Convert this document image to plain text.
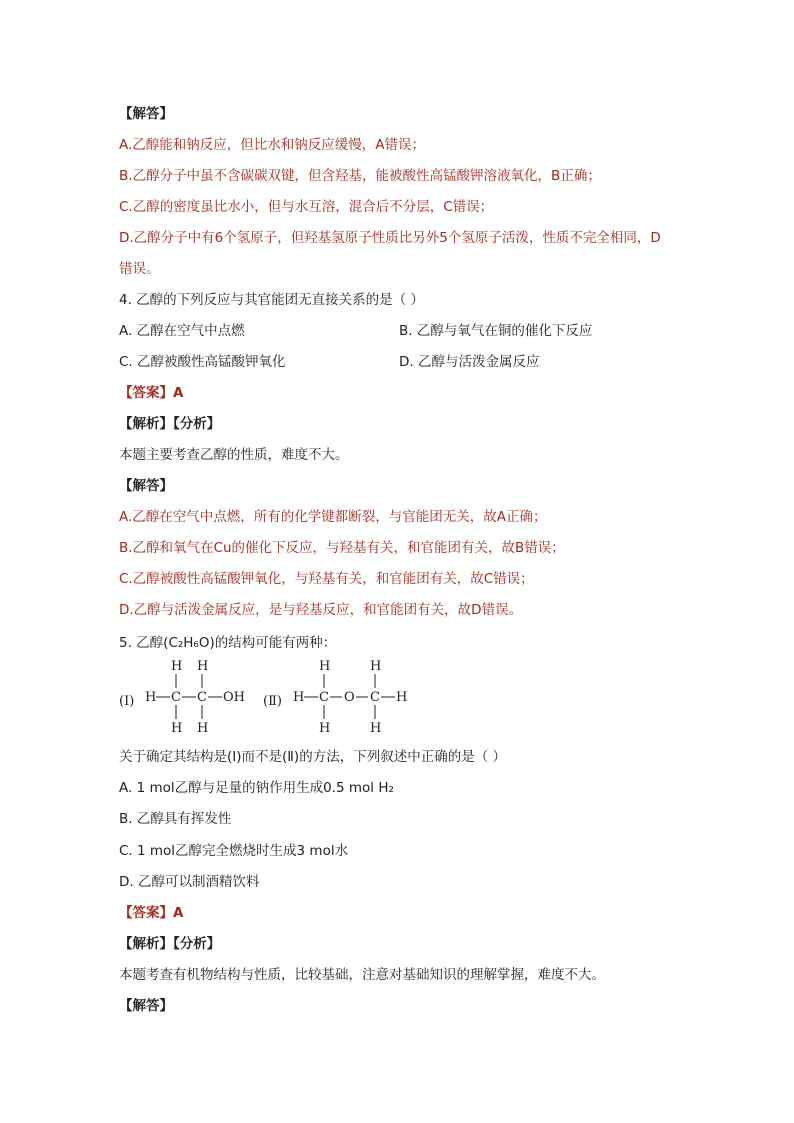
【解答】
A.乙醇能和钠反应，但比水和钠反应缓慢，A错误；
B.乙醇分子中虽不含碳碳双键，但含羟基，能被酸性高锰酸钾溶液氧化，B正确；
C.乙醇的密度虽比水小，但与水互溶，混合后不分层，C错误；
D.乙醇分子中有6个氢原子，但羟基氢原子性质比另外5个氢原子活泼，性质不完全相同，D
错误。
4. 乙醇的下列反应与其官能团无直接关系的是（ ）
A. 乙醇在空气中点燃	B. 乙醇与氧气在铜的催化下反应
C. 乙醇被酸性高锰酸钾氧化	D. 乙醇与活泼金属反应
【答案】A
【解析】【分析】
本题主要考查乙醇的性质，难度不大。
【解答】
A.乙醇在空气中点燃，所有的化学键都断裂，与官能团无关，故A正确；
B.乙醇和氧气在Cu的催化下反应，与羟基有关，和官能团有关，故B错误；
C.乙醇被酸性高锰酸钾氧化，与羟基有关，和官能团有关，故C错误；
D.乙醇与活泼金属反应，是与羟基反应，和官能团有关，故D错误。
5. 乙醇(C₂H₆O)的结构可能有两种：
(Ⅰ) H C C OH
H H
H H
(Ⅱ) H C O C H
H	H
H	H
关于确定其结构是(Ⅰ)而不是(Ⅱ)的方法，下列叙述中正确的是（ ）
A. 1 mol乙醇与足量的钠作用生成0.5 mol H₂
B. 乙醇具有挥发性
C. 1 mol乙醇完全燃烧时生成3 mol水
D. 乙醇可以制酒精饮料
【答案】A
【解析】【分析】
本题考查有机物结构与性质，比较基础，注意对基础知识的理解掌握，难度不大。
【解答】
